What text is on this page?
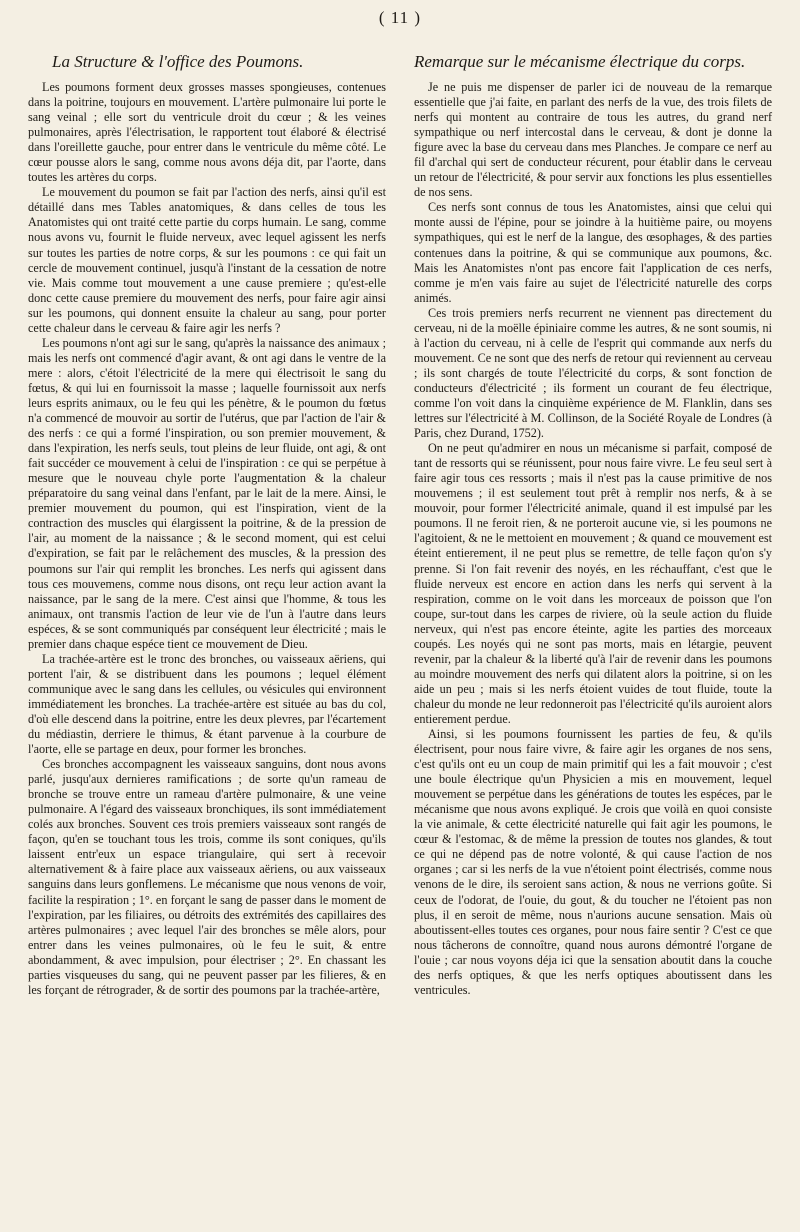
( 11 )
La Structure & l'office des Poumons.

Les poumons forment deux grosses masses spongieuses, contenues dans la poitrine, toujours en mouvement. L'artère pulmonaire lui porte le sang veinal ; elle sort du ventricule droit du cœur ; & les veines pulmonaires, après l'électrisation, le rapportent tout élaboré & électrisé dans l'oreillette gauche, pour entrer dans le ventricule du même côté. Le cœur pousse alors le sang, comme nous avons déja dit, par l'aorte, dans toutes les artères du corps.

Le mouvement du poumon se fait par l'action des nerfs, ainsi qu'il est détaillé dans mes Tables anatomiques, & dans celles de tous les Anatomistes qui ont traité cette partie du corps humain. Le sang, comme nous avons vu, fournit le fluide nerveux, avec lequel agissent les nerfs sur toutes les parties de notre corps, & sur les poumons : ce qui fait un cercle de mouvement continuel, jusqu'à l'instant de la cessation de notre vie. Mais comme tout mouvement a une cause premiere ; qu'est-elle donc cette cause premiere du mouvement des nerfs, pour faire agir ainsi sur les poumons, qui donnent ensuite la chaleur au sang, pour porter cette chaleur dans le cerveau & faire agir les nerfs ?

Les poumons n'ont agi sur le sang, qu'après la naissance des animaux ; mais les nerfs ont commencé d'agir avant, & ont agi dans le ventre de la mere : alors, c'étoit l'électricité de la mere qui électrisoit le sang du fœtus, & qui lui en fournissoit la masse ; laquelle fournissoit aux nerfs leurs esprits animaux, ou le feu qui les pénètre, & le poumon du fœtus n'a commencé de mouvoir au sortir de l'utérus, que par l'action de l'air & des nerfs : ce qui a formé l'inspiration, ou son premier mouvement, & dans l'expiration, les nerfs seuls, tout pleins de leur fluide, ont agi, & ont fait succéder ce mouvement à celui de l'inspiration : ce qui se perpétue à mesure que le nouveau chyle porte l'augmentation & la chaleur préparatoire du sang veinal dans l'enfant, par le lait de la mere. Ainsi, le premier mouvement du poumon, qui est l'inspiration, vient de la contraction des muscles qui élargissent la poitrine, & de la pression de l'air, au moment de la naissance ; & le second moment, qui est celui d'expiration, se fait par le relâchement des muscles, & la pression des poumons sur l'air qui remplit les bronches. Les nerfs qui agissent dans tous ces mouvemens, comme nous disons, ont reçu leur action avant la naissance, par le sang de la mere. C'est ainsi que l'homme, & tous les animaux, ont transmis l'action de leur vie de l'un à l'autre dans leurs espéces, & se sont communiqués par conséquent leur électricité ; mais le premier dans chaque espéce tient ce mouvement de Dieu.

La trachée-artère est le tronc des bronches, ou vaisseaux aëriens, qui portent l'air, & se distribuent dans les poumons ; lequel élément communique avec le sang dans les cellules, ou vésicules qui environnent immédiatement les bronches. La trachée-artère est située au bas du col, d'où elle descend dans la poitrine, entre les deux plevres, par l'écartement du médiastin, derriere le thimus, & étant parvenue à la courbure de l'aorte, elle se partage en deux, pour former les bronches.

Ces bronches accompagnent les vaisseaux sanguins, dont nous avons parlé, jusqu'aux dernieres ramifications ; de sorte qu'un rameau de bronche se trouve entre un rameau d'artère pulmonaire, & une veine pulmonaire. A l'égard des vaisseaux bronchiques, ils sont immédiatement colés aux bronches. Souvent ces trois premiers vaisseaux sont rangés de façon, qu'en se touchant tous les trois, comme ils sont coniques, qu'ils laissent entr'eux un espace triangulaire, qui sert à recevoir alternativement & à faire place aux vaisseaux aëriens, ou aux vaisseaux sanguins dans leurs gonflemens. Le mécanisme que nous venons de voir, facilite la respiration ; 1°. en forçant le sang de passer dans le moment de l'expiration, par les filiaires, ou détroits des extrémités des capillaires des artères pulmonaires ; avec lequel l'air des bronches se mêle alors, pour entrer dans les veines pulmonaires, où le feu le suit, & entre abondamment, & avec impulsion, pour électriser ; 2°. En chassant les parties visqueuses du sang, qui ne peuvent passer par les filieres, & en les forçant de rétrograder, & de sortir des poumons par la trachée-artère,

Remarque sur le mécanisme électrique du corps.

Je ne puis me dispenser de parler ici de nouveau de la remarque essentielle que j'ai faite, en parlant des nerfs de la vue, des trois filets de nerfs qui montent au contraire de tous les autres, du grand nerf sympathique ou nerf intercostal dans le cerveau, & dont je donne la figure avec la base du cerveau dans mes Planches. Je compare ce nerf au fil d'archal qui sert de conducteur récurent, pour établir dans le cerveau un retour de l'électricité, & pour servir aux fonctions les plus essentielles de nos sens.

Ces nerfs sont connus de tous les Anatomistes, ainsi que celui qui monte aussi de l'épine, pour se joindre à la huitième paire, ou moyens sympathiques, qui est le nerf de la langue, des œsophages, & des parties contenues dans la poitrine, & qui se communique aux poumons, &c. Mais les Anatomistes n'ont pas encore fait l'application de ces nerfs, comme je m'en vais faire au sujet de l'électricité naturelle des corps animés.

Ces trois premiers nerfs recurrent ne viennent pas directement du cerveau, ni de la moëlle épiniaire comme les autres, & ne sont soumis, ni à l'action du cerveau, ni à celle de l'esprit qui commande aux nerfs du mouvement. Ce ne sont que des nerfs de retour qui reviennent au cerveau ; ils sont chargés de toute l'électricité du corps, & sont fonction de conducteurs d'électricité ; ils forment un courant de feu électrique, comme l'on voit dans la cinquième expérience de M. Flanklin, dans ses lettres sur l'électricité à M. Collinson, de la Société Royale de Londres (à Paris, chez Durand, 1752).

On ne peut qu'admirer en nous un mécanisme si parfait, composé de tant de ressorts qui se réunissent, pour nous faire vivre. Le feu seul sert à faire agir tous ces ressorts ; mais il n'est pas la cause primitive de nos mouvemens ; il est seulement tout prêt à remplir nos nerfs, & à se mouvoir, pour former l'électricité animale, quand il est impulsé par les poumons. Il ne feroit rien, & ne porteroit aucune vie, si les poumons ne l'agitoient, & ne le mettoient en mouvement ; & quand ce mouvement est éteint entierement, il ne peut plus se remettre, de telle façon qu'on s'y prenne. Si l'on fait revenir des noyés, en les réchauffant, c'est que le fluide nerveux est encore en action dans les nerfs qui servent à la respiration, comme on le voit dans les morceaux de poisson que l'on coupe, sur-tout dans les carpes de riviere, où la seule action du fluide nerveux, qui n'est pas encore éteinte, agite les parties des morceaux coupés. Les noyés qui ne sont pas morts, mais en létargie, peuvent revenir, par la chaleur & la liberté qu'à l'air de revenir dans les poumons au moindre mouvement des nerfs qui dilatent alors la poitrine, si on les aide un peu ; mais si les nerfs étoient vuides de tout fluide, toute la chaleur du monde ne leur redonneroit pas l'électricité qu'ils auroient alors entierement perdue.

Ainsi, si les poumons fournissent les parties de feu, & qu'ils électrisent, pour nous faire vivre, & faire agir les organes de nos sens, c'est qu'ils ont eu un coup de main primitif qui les a fait mouvoir ; c'est une boule électrique qu'un Physicien a mis en mouvement, lequel mouvement se perpétue dans les générations de toutes les espéces, par le mécanisme que nous avons expliqué. Je crois que voilà en quoi consiste la vie animale, & cette électricité naturelle qui fait agir les poumons, le cœur & l'estomac, & de même la pression de toutes nos glandes, & tout ce qui ne dépend pas de notre volonté, & qui cause l'action de nos organes ; car si les nerfs de la vue n'étoient point électrisés, comme nous venons de le dire, ils seroient sans action, & nous ne verrions goûte. Si ceux de l'odorat, de l'ouie, du gout, & du toucher ne l'étoient pas non plus, il en seroit de même, nous n'aurions aucune sensation. Mais où aboutissent-elles toutes ces organes, pour nous faire sentir ? C'est ce que nous tâcherons de connoître, quand nous aurons démontré l'organe de l'ouie ; car nous voyons déja ici que la sensation aboutit dans la couche des nerfs optiques, & que les nerfs optiques aboutissent dans les ventricules.
